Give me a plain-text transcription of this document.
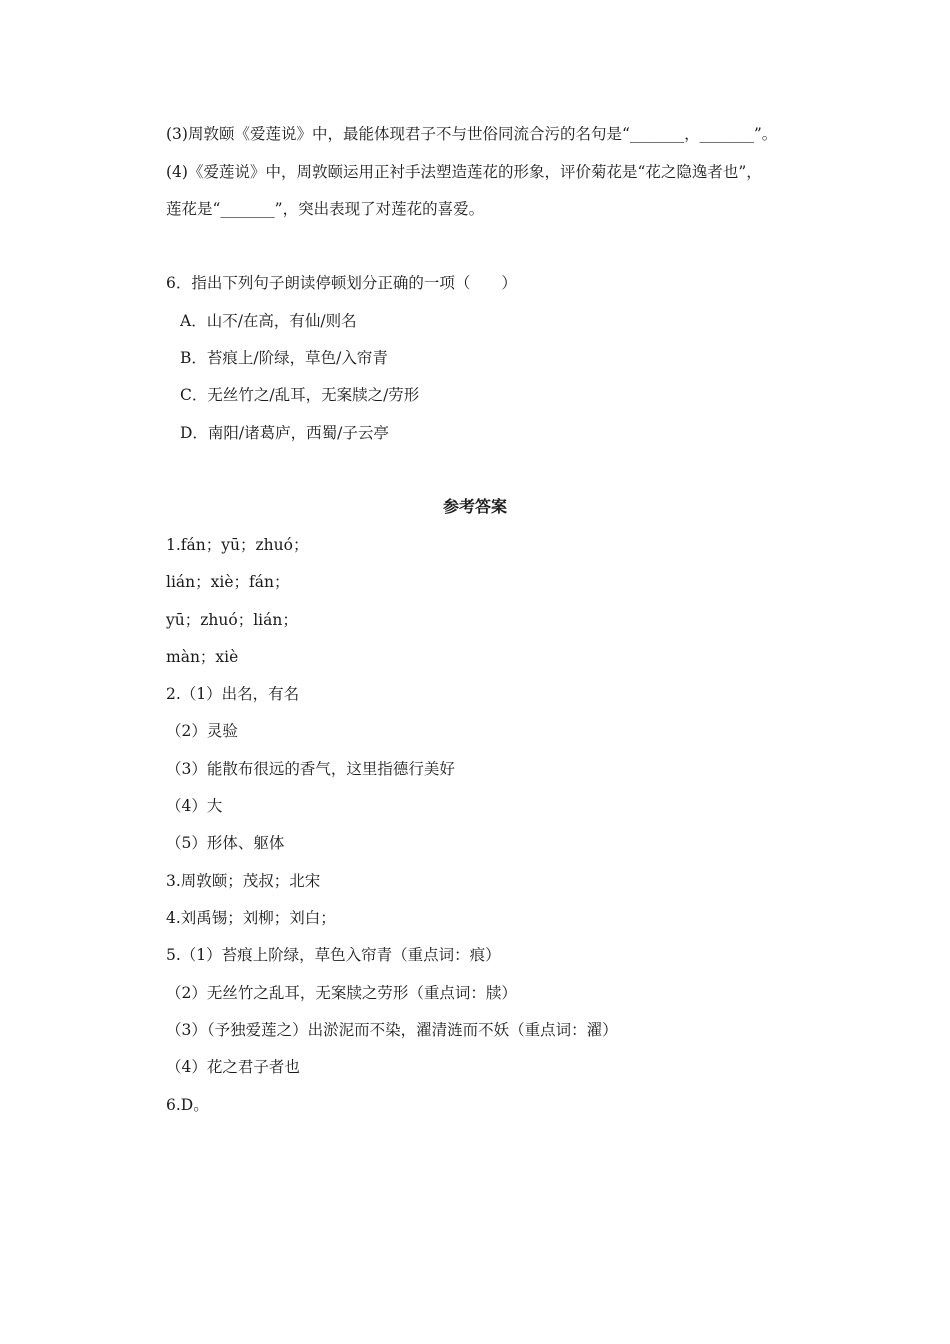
(3)周敦颐《爱莲说》中，最能体现君子不与世俗同流合污的名句是“_______，_______”。
(4)《爱莲说》中，周敦颐运用正衬手法塑造莲花的形象，评价菊花是“花之隐逸者也”，
莲花是“_______”，突出表现了对莲花的喜爱。
6．指出下列句子朗读停顿划分正确的一项（　　）
A．山不/在高，有仙/则名
B．苔痕上/阶绿，草色/入帘青
C．无丝竹之/乱耳，无案牍之/劳形
D．南阳/诸葛庐，西蜀/子云亭
参考答案
1.fán；yū；zhuó；
lián；xiè；fán；
yū；zhuó；lián；
màn；xiè
2.（1）出名，有名
（2）灵验
（3）能散布很远的香气，这里指德行美好
（4）大
（5）形体、躯体
3.周敦颐；茂叔；北宋
4.刘禹锡；刘柳；刘白；
5.（1）苔痕上阶绿，草色入帘青（重点词：痕）
（2）无丝竹之乱耳，无案牍之劳形（重点词：牍）
（3）（予独爱莲之）出淤泥而不染，濯清涟而不妖（重点词：濯）
（4）花之君子者也
6.D。
